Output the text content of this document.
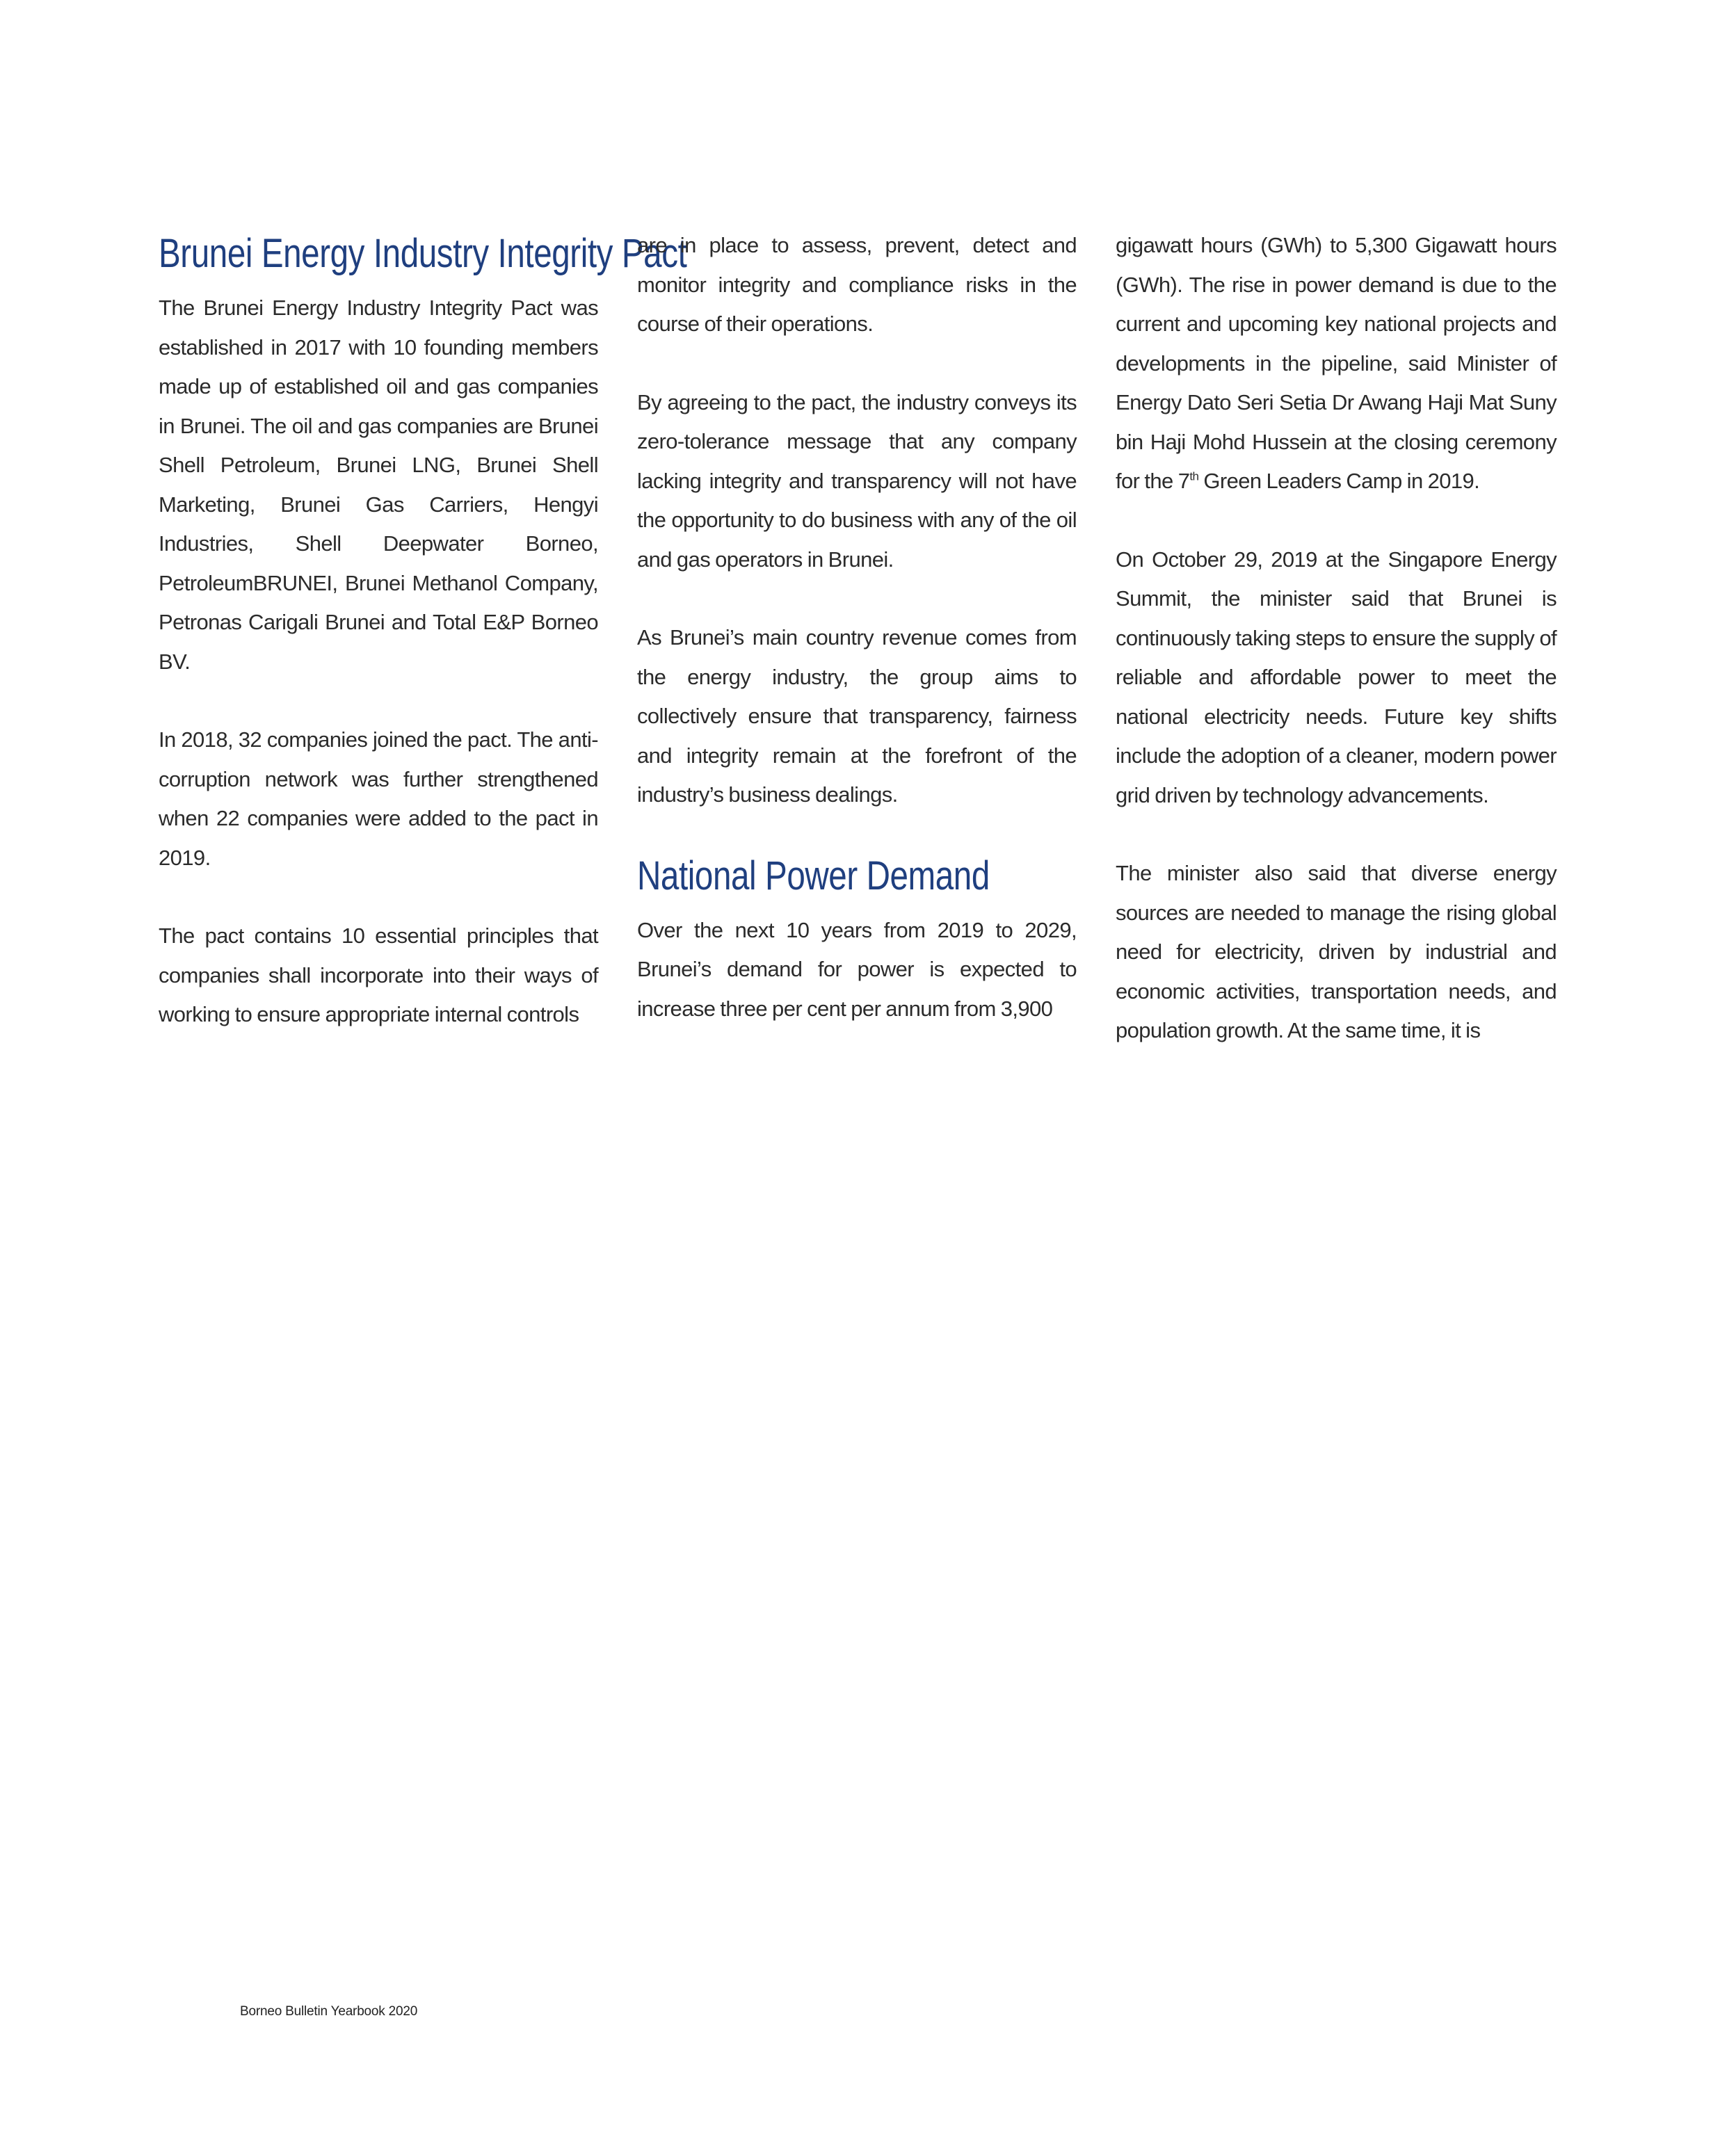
Brunei Energy Industry Integrity Pact

The Brunei Energy Industry Integrity Pact was established in 2017 with 10 founding members made up of established oil and gas companies in Brunei. The oil and gas companies are Brunei Shell Petroleum, Brunei LNG, Brunei Shell Marketing, Brunei Gas Carriers, Hengyi Industries, Shell Deepwater Borneo, PetroleumBRUNEI, Brunei Methanol Company, Petronas Carigali Brunei and Total E&P Borneo BV.

In 2018, 32 companies joined the pact. The anti-corruption network was further strengthened when 22 companies were added to the pact in 2019.

The pact contains 10 essential principles that companies shall incorporate into their ways of working to ensure appropriate internal controls

are in place to assess, prevent, detect and monitor integrity and compliance risks in the course of their operations.

By agreeing to the pact, the industry conveys its zero-tolerance message that any company lacking integrity and transparency will not have the opportunity to do business with any of the oil and gas operators in Brunei.

As Brunei’s main country revenue comes from the energy industry, the group aims to collectively ensure that transparency, fairness and integrity remain at the forefront of the industry’s business dealings.

National Power Demand

Over the next 10 years from 2019 to 2029, Brunei’s demand for power is expected to increase three per cent per annum from 3,900

gigawatt hours (GWh) to 5,300 Gigawatt hours (GWh). The rise in power demand is due to the current and upcoming key national projects and developments in the pipeline, said Minister of Energy Dato Seri Setia Dr Awang Haji Mat Suny bin Haji Mohd Hussein at the closing ceremony for the 7th Green Leaders Camp in 2019.

On October 29, 2019 at the Singapore Energy Summit, the minister said that Brunei is continuously taking steps to ensure the supply of reliable and affordable power to meet the national electricity needs. Future key shifts include the adoption of a cleaner, modern power grid driven by technology advancements.

The minister also said that diverse energy sources are needed to manage the rising global need for electricity, driven by industrial and economic activities, transportation needs, and population growth. At the same time, it is

Borneo Bulletin Yearbook 2020
